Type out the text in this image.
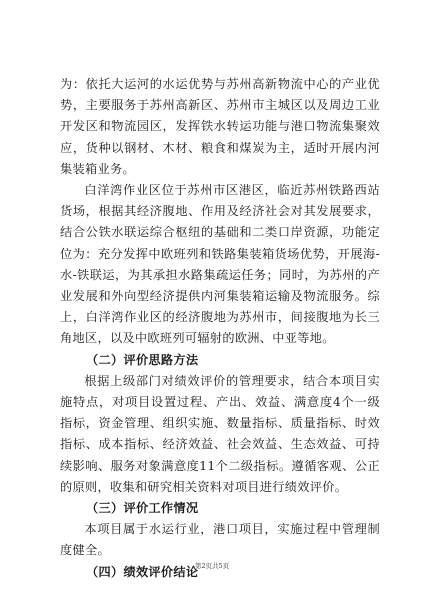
为：依托大运河的水运优势与苏州高新物流中心的产业优势，主要服务于苏州高新区、苏州市主城区以及周边工业开发区和物流园区，发挥铁水转运功能与港口物流集聚效应，货种以钢材、木材、粮食和煤炭为主，适时开展内河集装箱业务。

白洋湾作业区位于苏州市区港区，临近苏州铁路西站货场，根据其经济腹地、作用及经济社会对其发展要求，结合公铁水联运综合枢纽的基础和二类口岸资源，功能定位为：充分发挥中欧班列和铁路集装箱货场优势，开展海-水-铁联运，为其承担水路集疏运任务；同时，为苏州的产业发展和外向型经济提供内河集装箱运输及物流服务。综上，白洋湾作业区的经济腹地为苏州市，间接腹地为长三角地区，以及中欧班列可辐射的欧洲、中亚等地。

（二）评价思路方法

根据上级部门对绩效评价的管理要求，结合本项目实施特点，对项目设置过程、产出、效益、满意度4个一级指标，资金管理、组织实施、数量指标、质量指标、时效指标、成本指标、经济效益、社会效益、生态效益、可持续影响、服务对象满意度11个二级指标。遵循客观、公正的原则，收集和研究相关资料对项目进行绩效评价。

（三）评价工作情况

本项目属于水运行业，港口项目，实施过程中管理制度健全。

（四）绩效评价结论

第2页共5页
